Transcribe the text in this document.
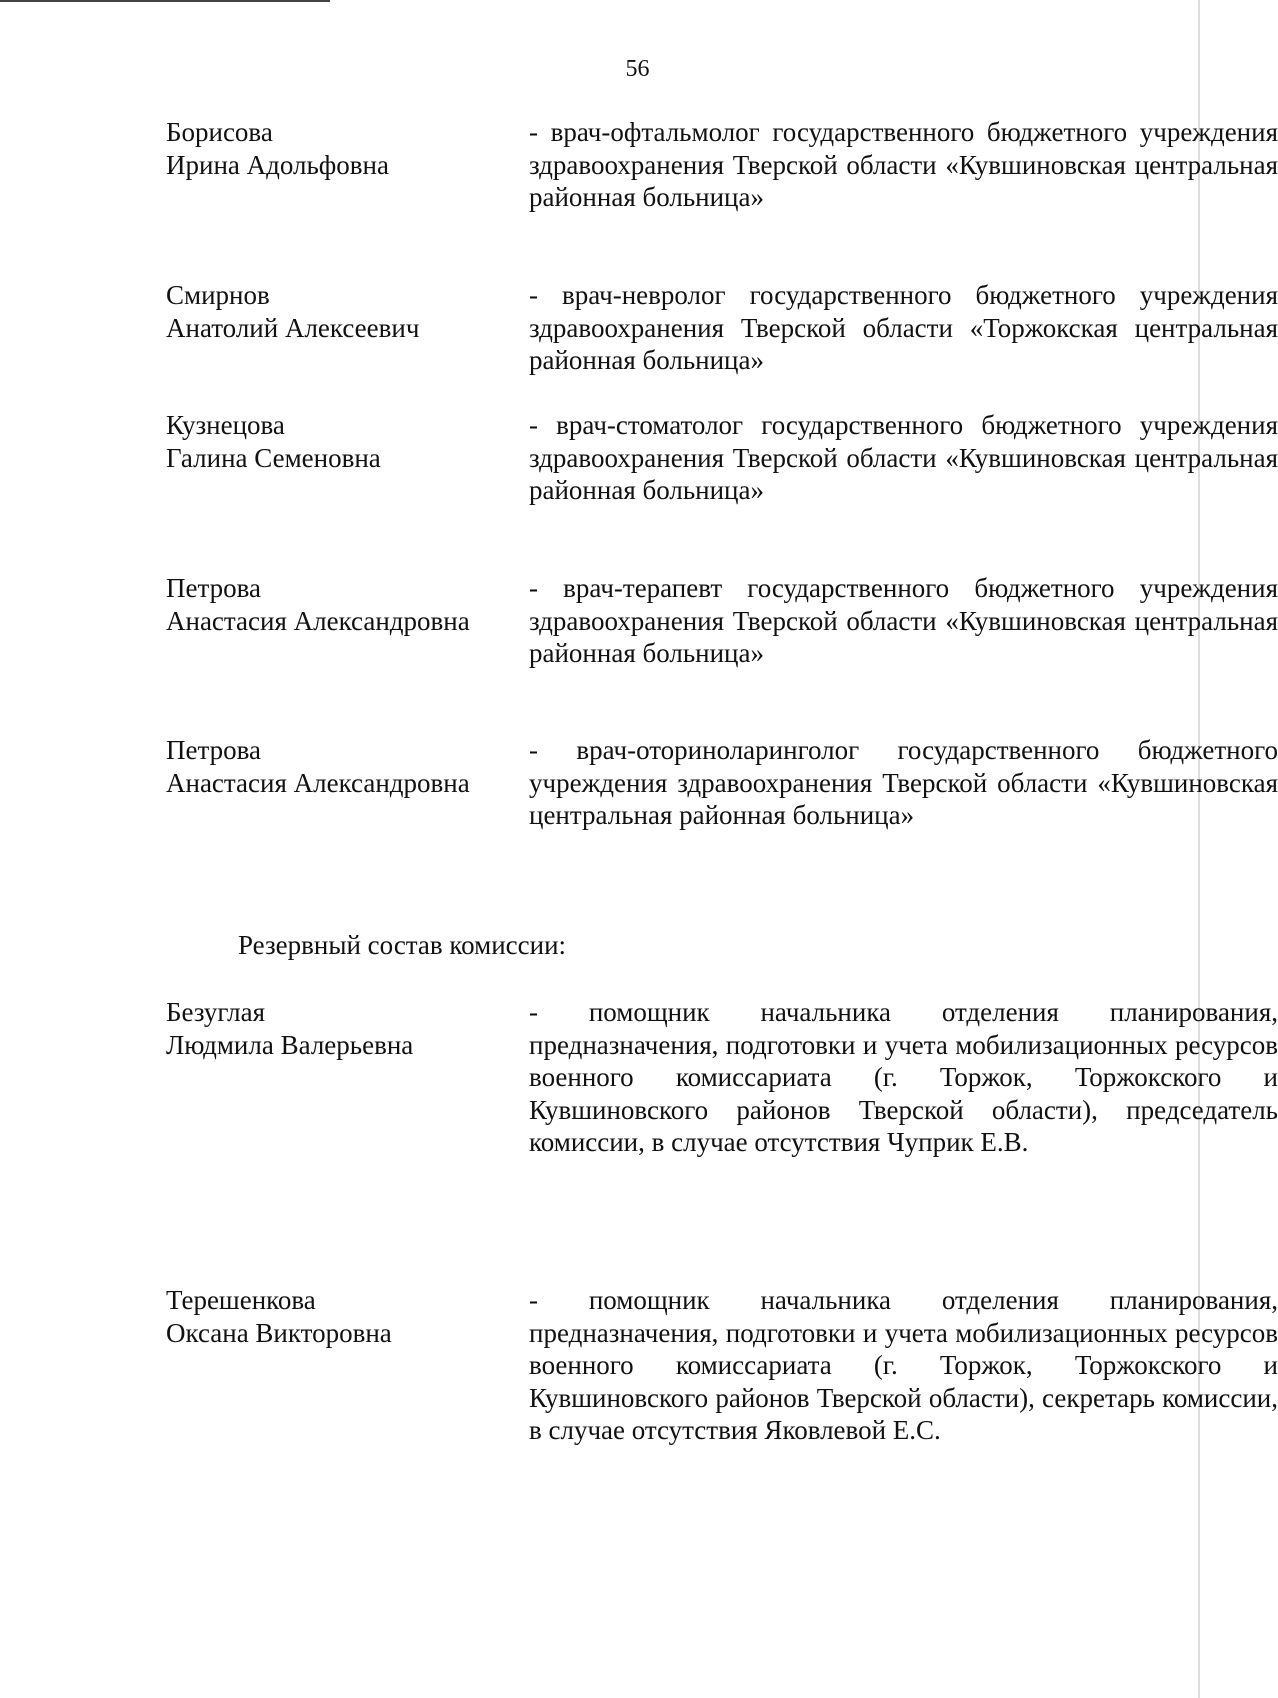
56
Борисова
Ирина Адольфовна
- врач-офтальмолог государственного бюджетного учреждения здравоохранения Тверской области «Кувшиновская центральная районная больница»
Смирнов
Анатолий Алексеевич
- врач-невролог государственного бюджетного учреждения здравоохранения Тверской области «Торжокская центральная районная больница»
Кузнецова
Галина Семеновна
- врач-стоматолог государственного бюджетного учреждения здравоохранения Тверской области «Кувшиновская центральная районная больница»
Петрова
Анастасия Александровна
- врач-терапевт государственного бюджетного учреждения здравоохранения Тверской области «Кувшиновская центральная районная больница»
Петрова
Анастасия Александровна
- врач-оториноларинголог государственного бюджетного учреждения здравоохранения Тверской области «Кувшиновская центральная районная больница»
Резервный состав комиссии:
Безуглая
Людмила Валерьевна
- помощник начальника отделения планирования, предназначения, подготовки и учета мобилизационных ресурсов военного комиссариата (г. Торжок, Торжокского и Кувшиновского районов Тверской области), председатель комиссии, в случае отсутствия Чуприк Е.В.
Терешенкова
Оксана Викторовна
- помощник начальника отделения планирования, предназначения, подготовки и учета мобилизационных ресурсов военного комиссариата (г. Торжок, Торжокского и Кувшиновского районов Тверской области), секретарь комиссии, в случае отсутствия Яковлевой Е.С.
